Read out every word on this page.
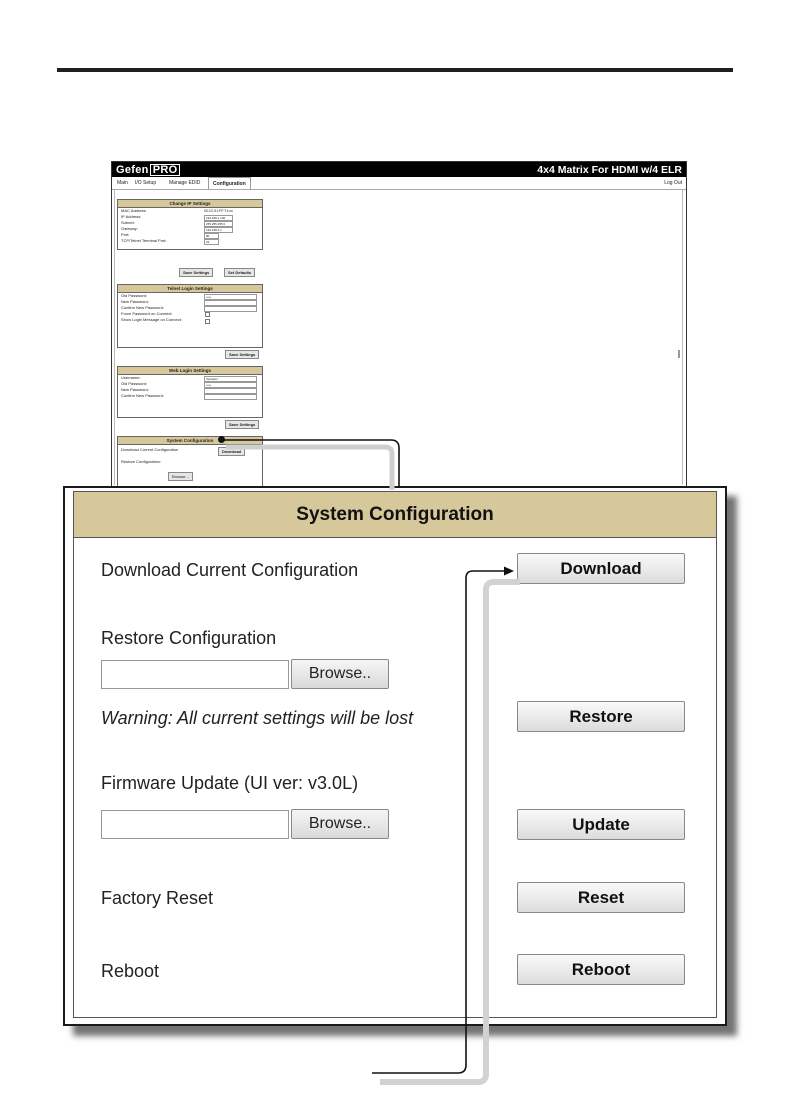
Gefen PRO	4x4 Matrix For HDMI w/4 ELR
Main	I/O Setup	Manage EDID	Configuration	Log Out
Change IP Settings
MAC Address:	00:1C:91:FF:Tx:xx
IP Address:	192.168.1.130
Subnet:	255.255.255.0
Gateway:	192.168.2.1
Port:	80
TCP/Telnet Terminal Port:	23
Save Settings	Set Defaults
Telnet Login Settings
Old Password:	•••••
New Password:
Confirm New Password:
Force Password on Connect:
Show Login Message on Connect:
Save Settings
Web Login Settings
Username:	Operator
Old Password:	•••••
New Password:
Confirm New Password:
Save Settings
System Configuration
Download Current Configuration	Download
Restore Configuration:
Browse...
System Configuration
Download Current Configuration	Download
Restore Configuration
Browse..
Warning: All current settings will be lost	Restore
Firmware Update (UI ver: v3.0L)
Browse..	Update
Factory Reset	Reset
Reboot	Reboot
